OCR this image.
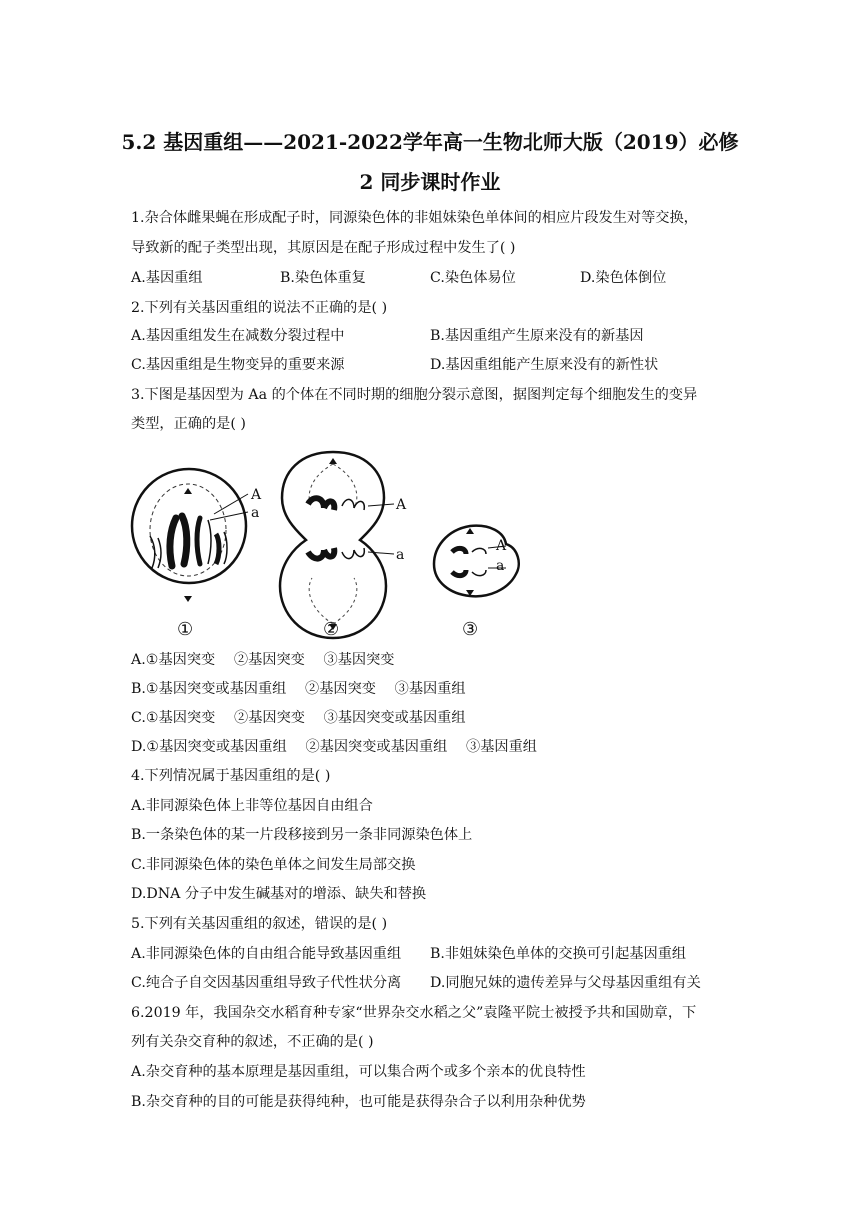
5.2 基因重组——2021-2022学年高一生物北师大版（2019）必修
2 同步课时作业
1.杂合体雌果蝇在形成配子时，同源染色体的非姐妹染色单体间的相应片段发生对等交换，
导致新的配子类型出现，其原因是在配子形成过程中发生了( )
A.基因重组	B.染色体重复	C.染色体易位	D.染色体倒位
2.下列有关基因重组的说法不正确的是( )
A.基因重组发生在减数分裂过程中	B.基因重组产生原来没有的新基因
C.基因重组是生物变异的重要来源	D.基因重组能产生原来没有的新性状
3.下图是基因型为 Aa 的个体在不同时期的细胞分裂示意图，据图判定每个细胞发生的变异
类型，正确的是( )
A
a	A
a
A
a
①	②	③
A.①基因突变　 ②基因突变　 ③基因突变
B.①基因突变或基因重组　 ②基因突变　 ③基因重组
C.①基因突变　 ②基因突变　 ③基因突变或基因重组
D.①基因突变或基因重组　 ②基因突变或基因重组　 ③基因重组
4.下列情况属于基因重组的是( )
A.非同源染色体上非等位基因自由组合
B.一条染色体的某一片段移接到另一条非同源染色体上
C.非同源染色体的染色单体之间发生局部交换
D.DNA 分子中发生碱基对的增添、缺失和替换
5.下列有关基因重组的叙述，错误的是( )
A.非同源染色体的自由组合能导致基因重组 B.非姐妹染色单体的交换可引起基因重组
C.纯合子自交因基因重组导致子代性状分离 D.同胞兄妹的遗传差异与父母基因重组有关
6.2019 年，我国杂交水稻育种专家“世界杂交水稻之父”袁隆平院士被授予共和国勋章，下
列有关杂交育种的叙述，不正确的是( )
A.杂交育种的基本原理是基因重组，可以集合两个或多个亲本的优良特性
B.杂交育种的目的可能是获得纯种，也可能是获得杂合子以利用杂种优势
